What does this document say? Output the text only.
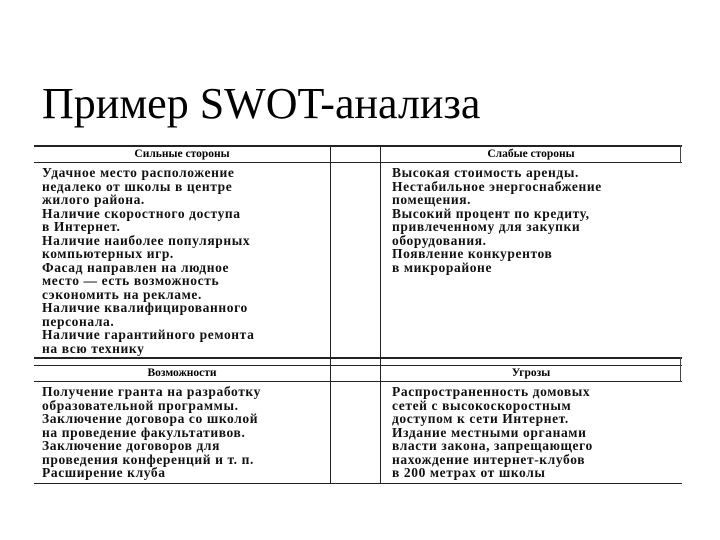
Пример SWOT-анализа
Сильные стороны
Удачное место расположение
недалеко от школы в центре
жилого района.
Наличие скоростного доступа
в Интернет.
Наличие наиболее популярных
компьютерных игр.
Фасад направлен на людное
место — есть возможность
сэкономить на рекламе.
Наличие квалифицированного
персонала.
Наличие гарантийного ремонта
на всю технику
Слабые стороны
Высокая стоимость аренды.
Нестабильное энергоснабжение
помещения.
Высокий процент по кредиту,
привлеченному для закупки
оборудования.
Появление конкурентов
в микрорайоне
Возможности
Получение гранта на разработку
образовательной программы.
Заключение договора со школой
на проведение факультативов.
Заключение договоров для
проведения конференций и т. п.
Расширение клуба
Угрозы
Распространенность домовых
сетей с высокоскоростным
доступом к сети Интернет.
Издание местными органами
власти закона, запрещающего
нахождение интернет-клубов
в 200 метрах от школы
